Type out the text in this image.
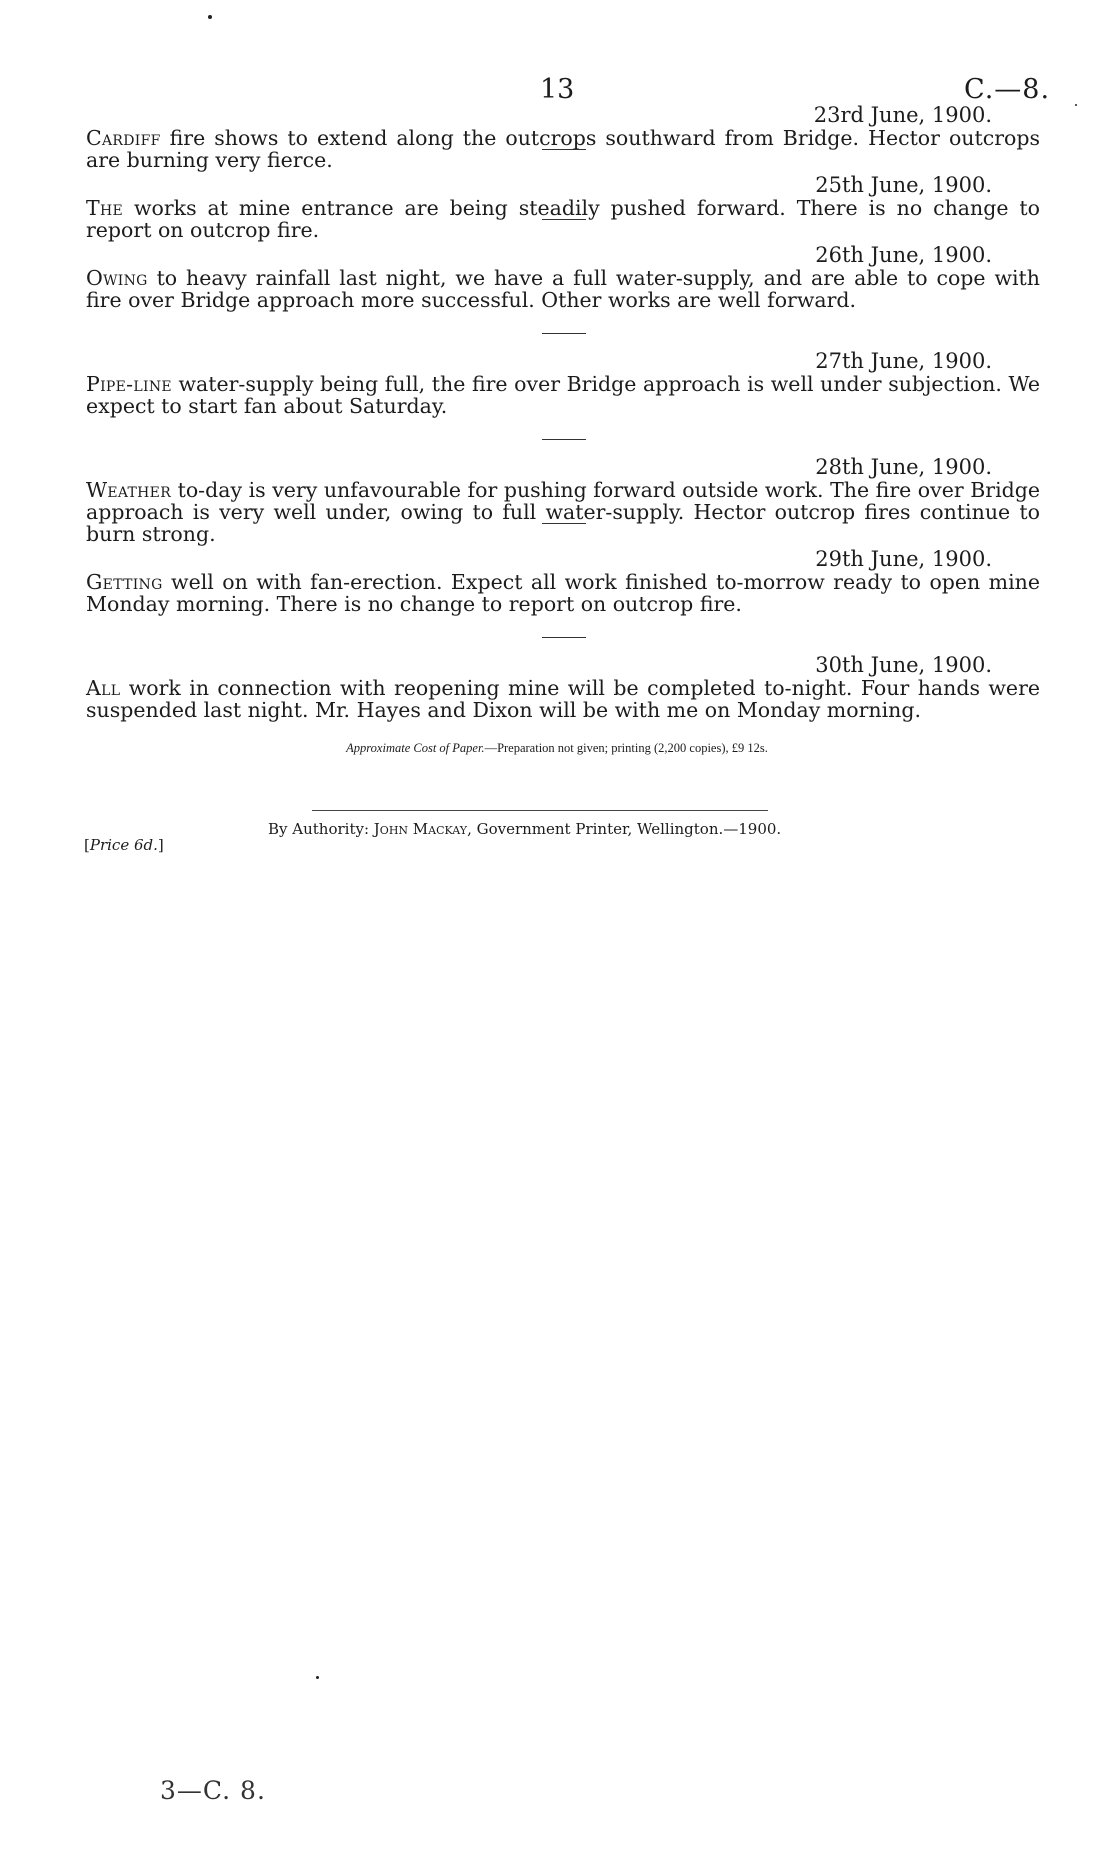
13	C.—8.
23rd June, 1900.

Cardiff fire shows to extend along the outcrops southward from Bridge. Hector outcrops are burning very fierce.

25th June, 1900.

The works at mine entrance are being steadily pushed forward. There is no change to report on outcrop fire.

26th June, 1900.

Owing to heavy rainfall last night, we have a full water-supply, and are able to cope with fire over Bridge approach more successful. Other works are well forward.

27th June, 1900.

Pipe-line water-supply being full, the fire over Bridge approach is well under subjection. We expect to start fan about Saturday.

28th June, 1900.

Weather to-day is very unfavourable for pushing forward outside work. The fire over Bridge approach is very well under, owing to full water-supply. Hector outcrop fires continue to burn strong.

29th June, 1900.

Getting well on with fan-erection. Expect all work finished to-morrow ready to open mine Monday morning. There is no change to report on outcrop fire.

30th June, 1900.

All work in connection with reopening mine will be completed to-night. Four hands were suspended last night. Mr. Hayes and Dixon will be with me on Monday morning.

Approximate Cost of Paper.—Preparation not given; printing (2,200 copies), £9 12s.
By Authority: John Mackay, Government Printer, Wellington.—1900.
[Price 6d.]
3—C. 8.
